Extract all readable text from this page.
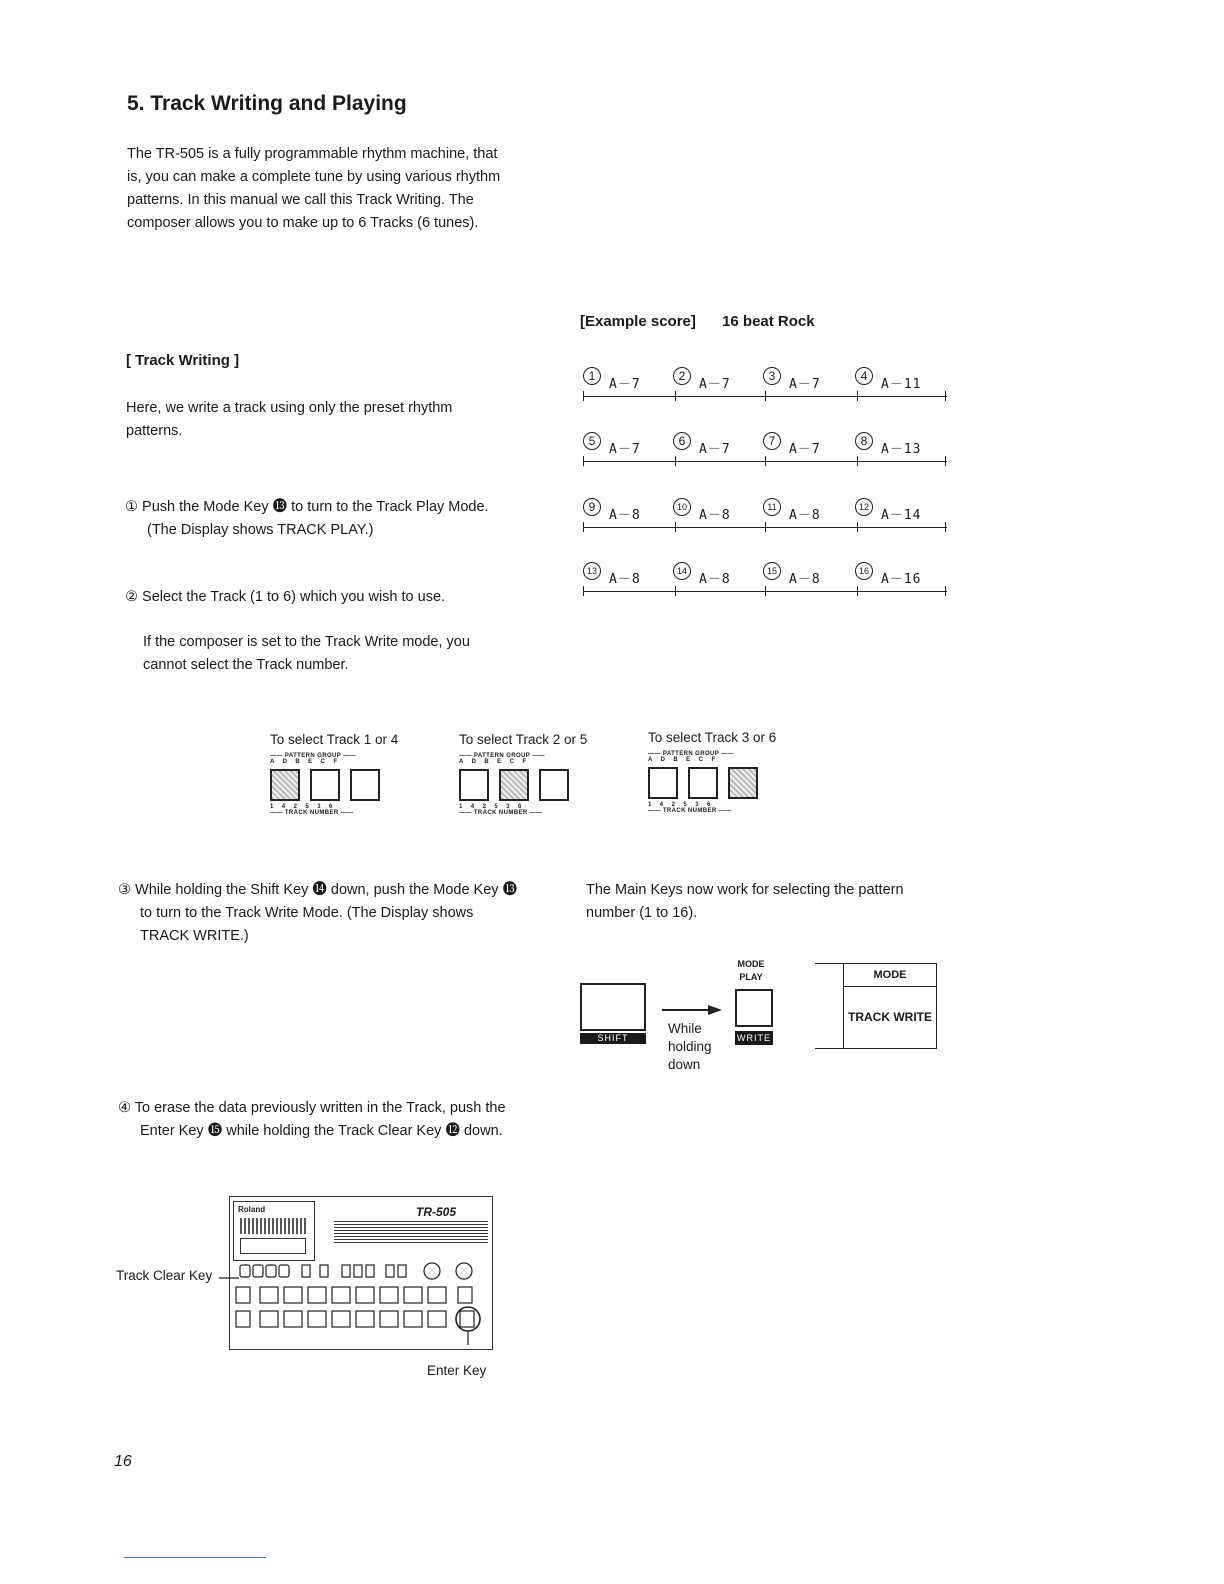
5. Track Writing and Playing
The TR-505 is a fully programmable rhythm machine, that is, you can make a complete tune by using various rhythm patterns. In this manual we call this Track Writing. The composer allows you to make up to 6 Tracks (6 tunes).
[ Track Writing ]
Here, we write a track using only the preset rhythm patterns.
① Push the Mode Key ⓭ to turn to the Track Play Mode. (The Display shows TRACK PLAY.)
② Select the Track (1 to 6) which you wish to use.
If the composer is set to the Track Write mode, you cannot select the Track number.
③ While holding the Shift Key ⓮ down, push the Mode Key ⓭ to turn to the Track Write Mode. (The Display shows TRACK WRITE.)
④ To erase the data previously written in the Track, push the Enter Key ⓯ while holding the Track Clear Key ⓬ down.
The Main Keys now work for selecting the pattern number (1 to 16).
[Example score] 16 beat Rock
1A－7
2A－7
3A－7
4A－11
5A－7
6A－7
7A－7
8A－13
9A－8
10A－8
11A－8
12A－14
13A－8
14A－8
15A－8
16A－16
To select Track 1 or 4
—— PATTERN GROUP ——
A D B E C F
1 4 2 5 3 6
—— TRACK NUMBER ——
To select Track 2 or 5
—— PATTERN GROUP ——
A D B E C F
1 4 2 5 3 6
—— TRACK NUMBER ——
To select Track 3 or 6
—— PATTERN GROUP ——
A D B E C F
1 4 2 5 3 6
—— TRACK NUMBER ——
SHIFT
While
holding
down
MODE
PLAY
WRITE
MODE
TRACK WRITE
Track Clear Key
Roland	TR-505
Enter Key
16
